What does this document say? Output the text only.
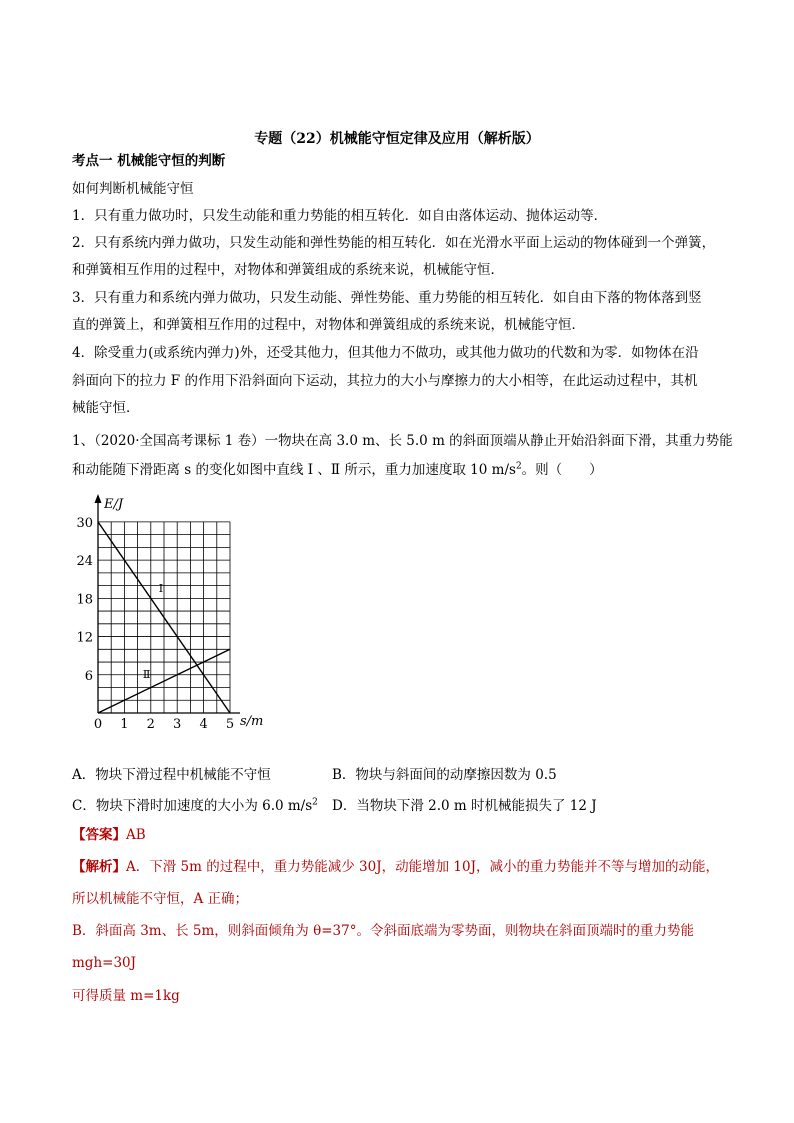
专题（22）机械能守恒定律及应用（解析版）
考点一 机械能守恒的判断
如何判断机械能守恒
1．只有重力做功时，只发生动能和重力势能的相互转化．如自由落体运动、抛体运动等．
2．只有系统内弹力做功，只发生动能和弹性势能的相互转化．如在光滑水平面上运动的物体碰到一个弹簧，
和弹簧相互作用的过程中，对物体和弹簧组成的系统来说，机械能守恒．
3．只有重力和系统内弹力做功，只发生动能、弹性势能、重力势能的相互转化．如自由下落的物体落到竖
直的弹簧上，和弹簧相互作用的过程中，对物体和弹簧组成的系统来说，机械能守恒．
4．除受重力(或系统内弹力)外，还受其他力，但其他力不做功，或其他力做功的代数和为零．如物体在沿
斜面向下的拉力 F 的作用下沿斜面向下运动，其拉力的大小与摩擦力的大小相等，在此运动过程中，其机
械能守恒．
1、（2020·全国高考课标 1 卷）一物块在高 3.0 m、长 5.0 m 的斜面顶端从静止开始沿斜面下滑，其重力势能
和动能随下滑距离 s 的变化如图中直线 Ⅰ 、Ⅱ 所示，重力加速度取 10 $m/s^2$。则（　　）
E/J
s/m
0 1 2 3 4 5
6
12
18
24
30
Ⅰ
Ⅱ
A．物块下滑过程中机械能不守恒	B．物块与斜面间的动摩擦因数为 0.5
C．物块下滑时加速度的大小为 6.0 $m/s^2$ D．当物块下滑 2.0 m 时机械能损失了 12 J
【答案】AB
【解析】A．下滑 5m 的过程中，重力势能减少 30J，动能增加 10J，减小的重力势能并不等与增加的动能，
所以机械能不守恒，A 正确；
B．斜面高 3m、长 5m，则斜面倾角为 θ=37°。令斜面底端为零势面，则物块在斜面顶端时的重力势能
mgh=30J
可得质量 m=1kg
